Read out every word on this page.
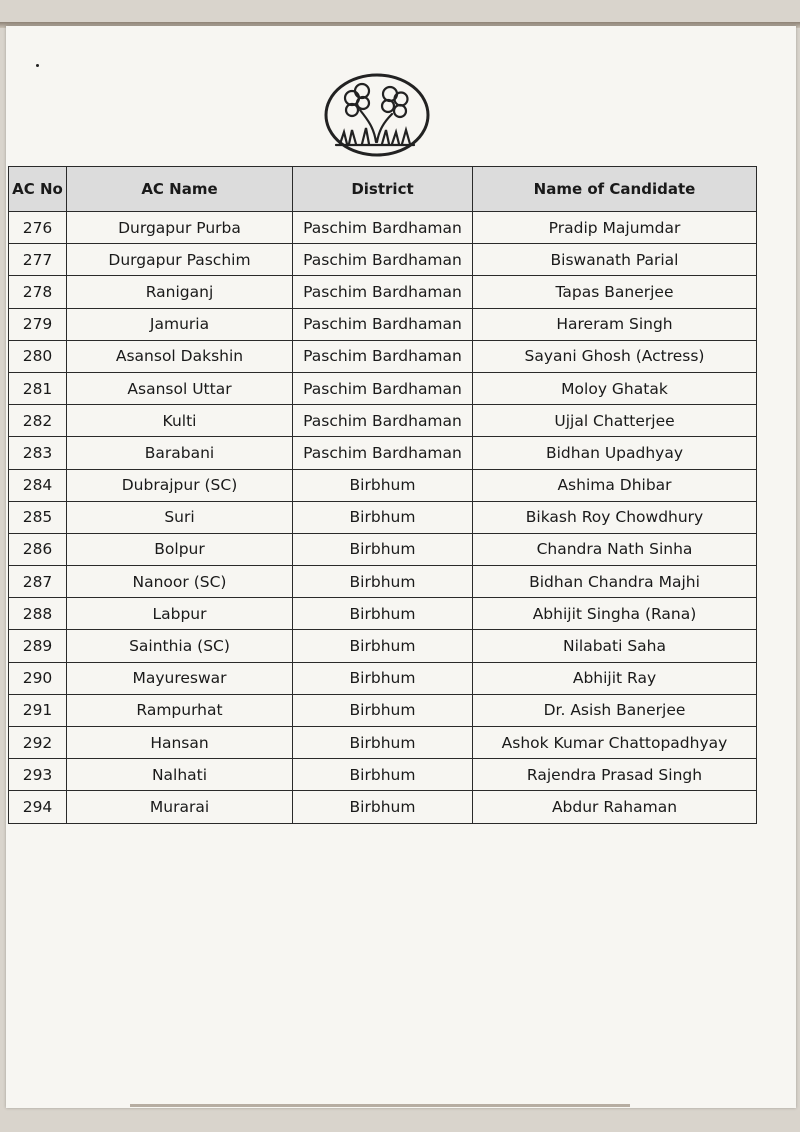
AC No	AC Name	District	Name of Candidate
276	Durgapur Purba	Paschim Bardhaman	Pradip Majumdar
277	Durgapur Paschim	Paschim Bardhaman	Biswanath Parial
278	Raniganj	Paschim Bardhaman	Tapas Banerjee
279	Jamuria	Paschim Bardhaman	Hareram Singh
280	Asansol Dakshin	Paschim Bardhaman	Sayani Ghosh (Actress)
281	Asansol Uttar	Paschim Bardhaman	Moloy Ghatak
282	Kulti	Paschim Bardhaman	Ujjal Chatterjee
283	Barabani	Paschim Bardhaman	Bidhan Upadhyay
284	Dubrajpur (SC)	Birbhum	Ashima Dhibar
285	Suri	Birbhum	Bikash Roy Chowdhury
286	Bolpur	Birbhum	Chandra Nath Sinha
287	Nanoor (SC)	Birbhum	Bidhan Chandra Majhi
288	Labpur	Birbhum	Abhijit Singha (Rana)
289	Sainthia (SC)	Birbhum	Nilabati Saha
290	Mayureswar	Birbhum	Abhijit Ray
291	Rampurhat	Birbhum	Dr. Asish Banerjee
292	Hansan	Birbhum	Ashok Kumar Chattopadhyay
293	Nalhati	Birbhum	Rajendra Prasad Singh
294	Murarai	Birbhum	Abdur Rahaman
